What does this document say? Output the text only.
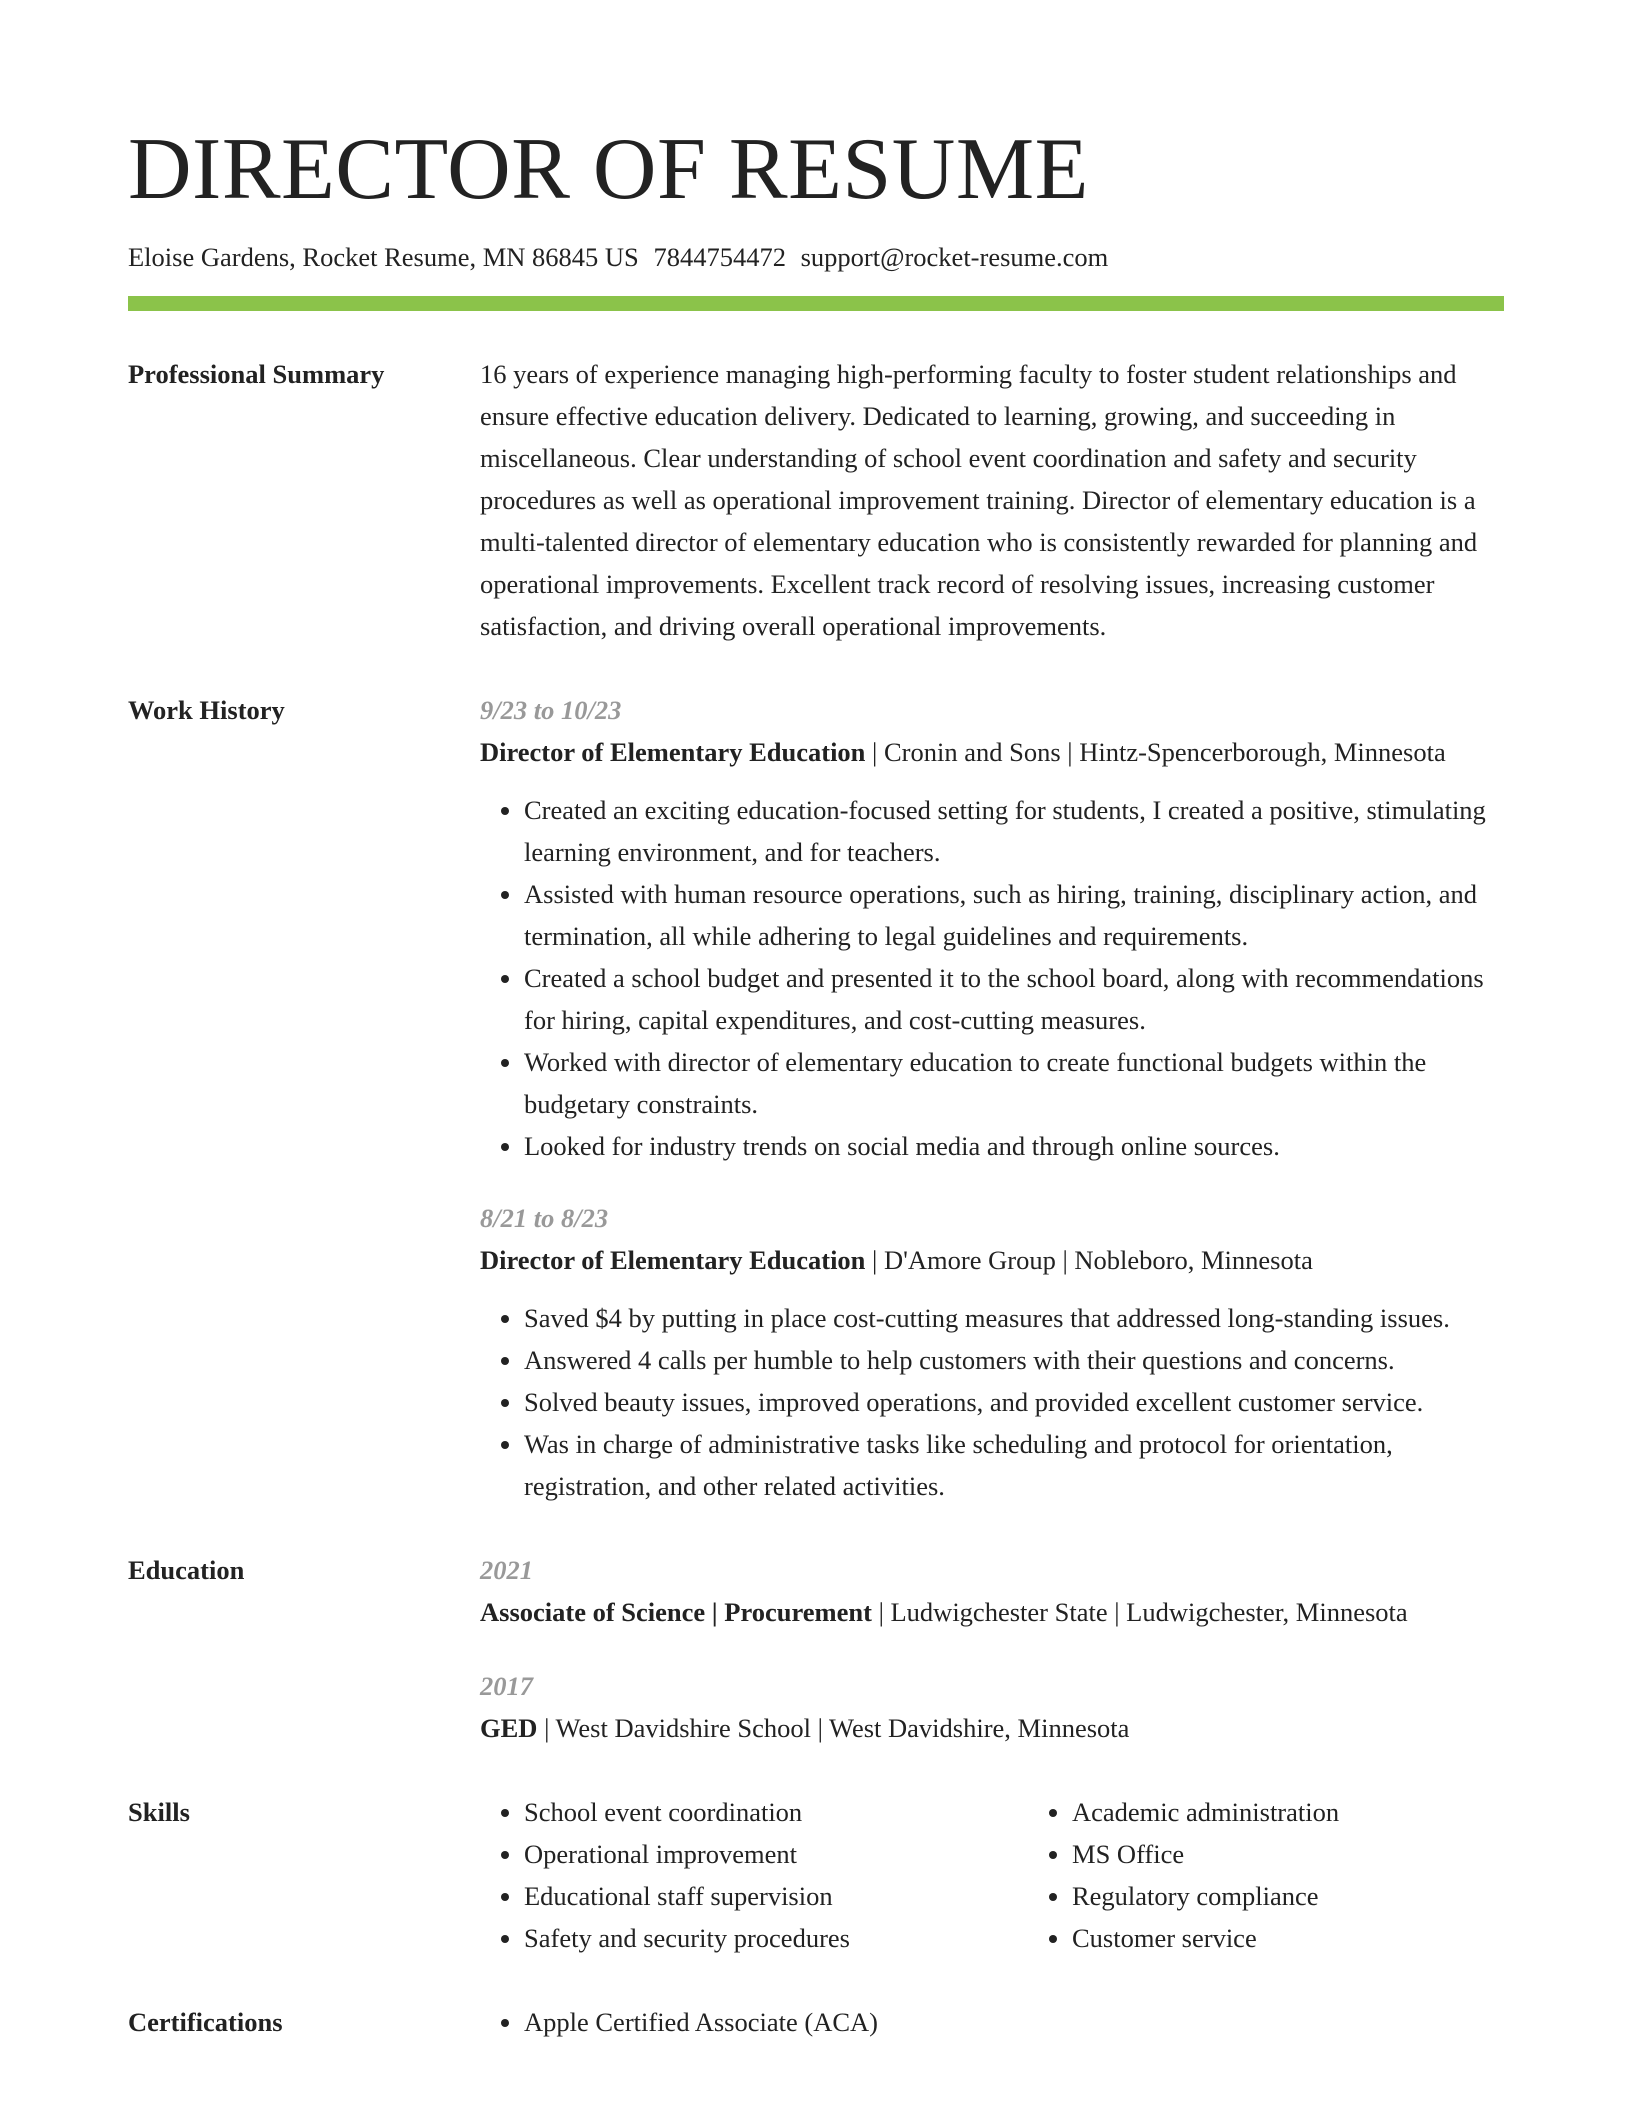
DIRECTOR OF RESUME
Eloise Gardens, Rocket Resume, MN 86845 US 7844754472 support@rocket-resume.com
Professional Summary	16 years of experience managing high-performing faculty to foster student relationships and ensure effective education delivery. Dedicated to learning, growing, and succeeding in miscellaneous. Clear understanding of school event coordination and safety and security procedures as well as operational improvement training. Director of elementary education is a multi-talented director of elementary education who is consistently rewarded for planning and operational improvements. Excellent track record of resolving issues, increasing customer satisfaction, and driving overall operational improvements.

Work History	9/23 to 10/23
Director of Elementary Education | Cronin and Sons | Hintz-Spencerborough, Minnesota
• Created an exciting education-focused setting for students, I created a positive, stimulating learning environment, and for teachers.
• Assisted with human resource operations, such as hiring, training, disciplinary action, and termination, all while adhering to legal guidelines and requirements.
• Created a school budget and presented it to the school board, along with recommendations for hiring, capital expenditures, and cost-cutting measures.
• Worked with director of elementary education to create functional budgets within the budgetary constraints.
• Looked for industry trends on social media and through online sources.
8/21 to 8/23
Director of Elementary Education | D'Amore Group | Nobleboro, Minnesota
• Saved $4 by putting in place cost-cutting measures that addressed long-standing issues.
• Answered 4 calls per humble to help customers with their questions and concerns.
• Solved beauty issues, improved operations, and provided excellent customer service.
• Was in charge of administrative tasks like scheduling and protocol for orientation, registration, and other related activities.
Education	2021
Associate of Science | Procurement | Ludwigchester State | Ludwigchester, Minnesota
2017
GED | West Davidshire School | West Davidshire, Minnesota
Skills	• School event coordination
• Operational improvement
• Educational staff supervision
• Safety and security procedures
• Academic administration
• MS Office
• Regulatory compliance
• Customer service
Certifications	• Apple Certified Associate (ACA)
